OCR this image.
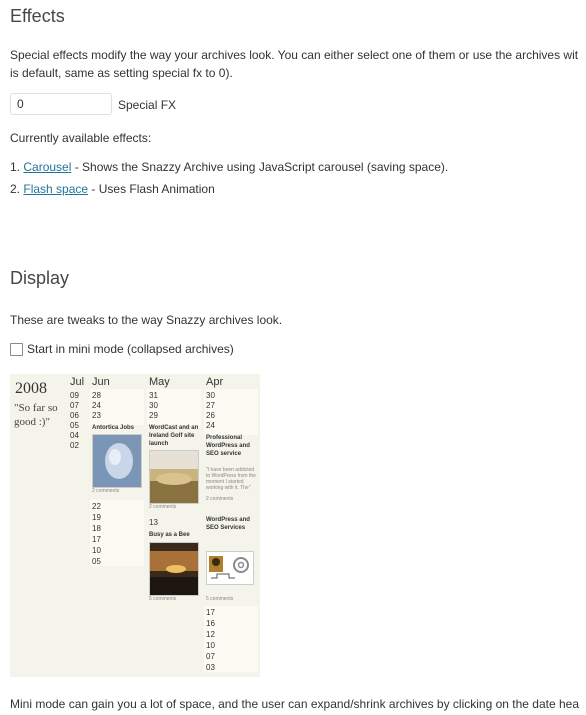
Effects
Special effects modify the way your archives look. You can either select one of them or use the archives wit
is default, same as setting special fx to 0).
0
Special FX
Currently available effects:
1. Carousel - Shows the Snazzy Archive using JavaScript carousel (saving space).
2. Flash space - Uses Flash Animation
Display
These are tweaks to the way Snazzy archives look.
Start in mini mode (collapsed archives)
2008
"So far so good :)"
Jul Jun	May	Apr
09
07
06
05
04
02
28
24
23
Antortica Jobs
2 comments
22
19
18
17
10
05
31
30
29
WordCast and an Ireland Golf site launch
2 comments
13
Busy as a Bee
5 comments
30
27
26
24
Professional WordPress and SEO service
"I have been addicted to WordPress from the moment I started working with it. The"
2 comments
WordPress and SEO Services
5 comments
17
16
12
10
07
03
Mini mode can gain you a lot of space, and the user can expand/shrink archives by clicking on the date hea
